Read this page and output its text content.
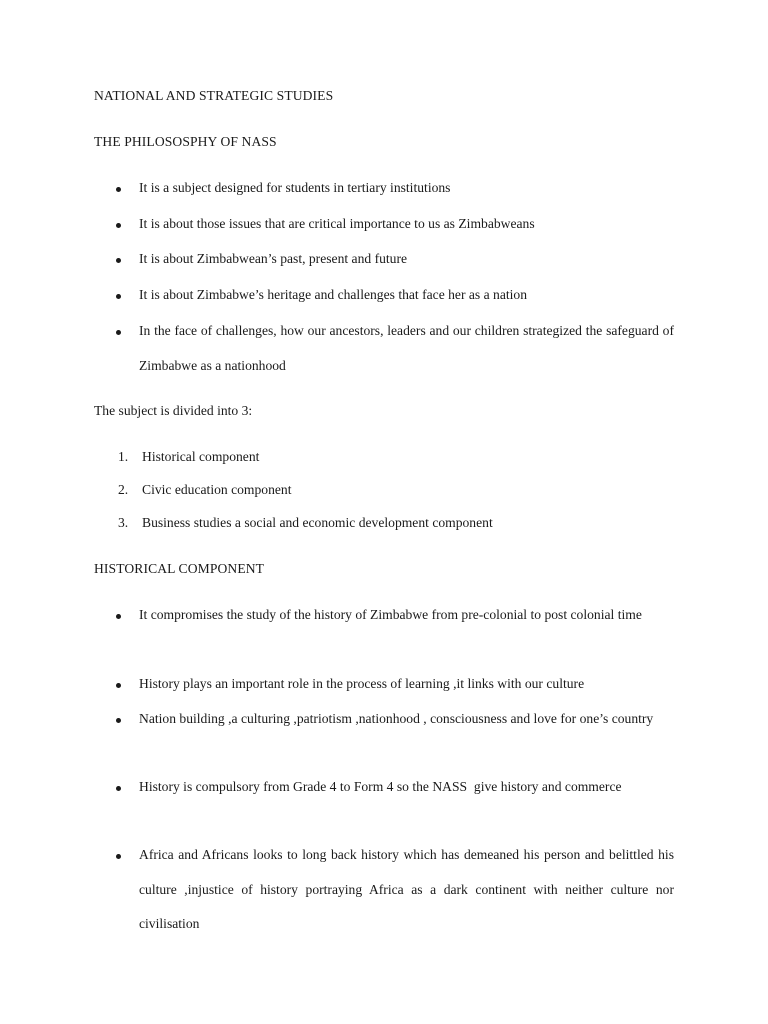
NATIONAL AND STRATEGIC STUDIES
THE PHILOSOSPHY OF NASS
It is a subject designed for students in tertiary institutions
It is about those issues that are critical importance to us as Zimbabweans
It is about Zimbabwean’s past, present and future
It is about Zimbabwe’s heritage and challenges that face her as a nation
In the face of challenges, how our ancestors, leaders and our children strategized the safeguard of Zimbabwe as a nationhood
The subject is divided into 3:
1. Historical component
2. Civic education component
3. Business studies a social and economic development component
HISTORICAL COMPONENT
It compromises the study of the history of Zimbabwe from pre-colonial to post colonial time
History plays an important role in the process of learning ,it links with our culture
Nation building ,a culturing ,patriotism ,nationhood , consciousness and love for one’s country
History is compulsory from Grade 4 to Form 4 so the NASS  give history and commerce
Africa and Africans looks to long back history which has demeaned his person and belittled his culture ,injustice of history portraying Africa as a dark continent with neither culture nor civilisation
